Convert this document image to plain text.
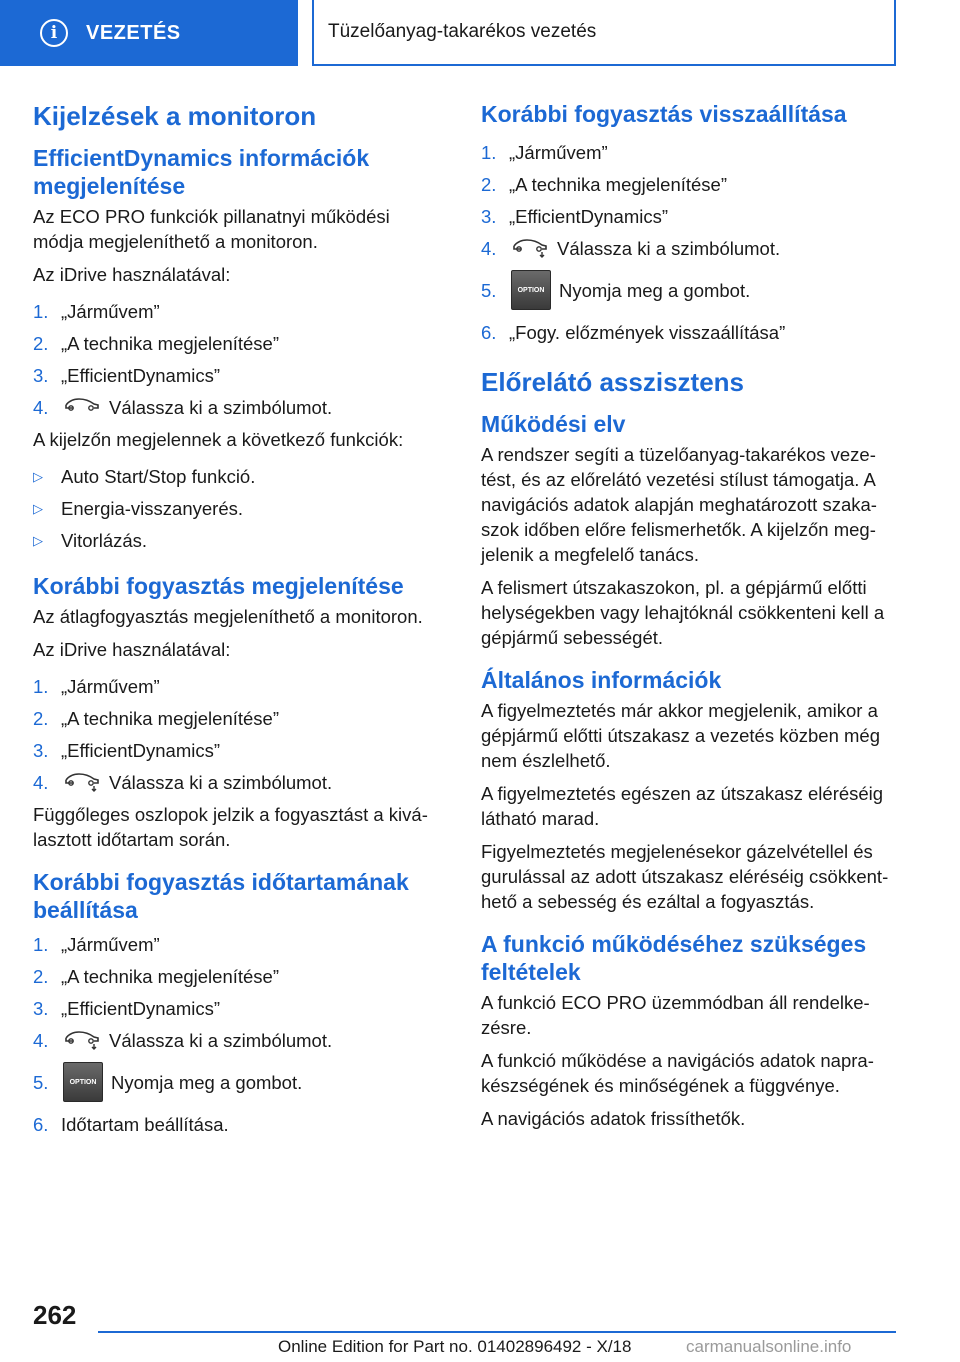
i	VEZETÉS	Tüzelőanyag-takarékos vezetés
Kijelzések a monitoron
EfficientDynamics információk megjelenítése

Az ECO PRO funkciók pillanatnyi működési módja megjeleníthető a monitoron.

Az iDrive használatával:

1. „Járművem”
2. „A technika megjelenítése”
3. „EfficientDynamics”
4.	Válassza ki a szimbólumot.

A kijelzőn megjelennek a következő funkciók:

▷ Auto Start/Stop funkció.
▷ Energia-visszanyerés.
▷ Vitorlázás.
Korábbi fogyasztás megjelenítése

Az átlagfogyasztás megjeleníthető a monitoron.

Az iDrive használatával:

1. „Járművem”
2. „A technika megjelenítése”
3. „EfficientDynamics”
4.	Válassza ki a szimbólumot.

Függőleges oszlopok jelzik a fogyasztást a kiválasztott időtartam során.

Korábbi fogyasztás időtartamának beállítása
1. „Járművem”
2. „A technika megjelenítése”
3. „EfficientDynamics”
4.	Válassza ki a szimbólumot.
5.	OPTION Nyomja meg a gombot.
6. Időtartam beállítása.
Korábbi fogyasztás visszaállítása
1. „Járművem”
2. „A technika megjelenítése”
3. „EfficientDynamics”
4.	Válassza ki a szimbólumot.
5.	OPTION Nyomja meg a gombot.
6. „Fogy. előzmények visszaállítása”
Előrelátó asszisztens
Működési elv

A rendszer segíti a tüzelőanyag-takarékos vezetést, és az előrelátó vezetési stílust támogatja. A navigációs adatok alapján meghatározott szakaszok időben előre felismerhetők. A kijelzőn megjelenik a megfelelő tanács.

A felismert útszakaszokon, pl. a gépjármű előtti helységekben vagy lehajtóknál csökkenteni kell a gépjármű sebességét.

Általános információk

A figyelmeztetés már akkor megjelenik, amikor a gépjármű előtti útszakasz a vezetés közben még nem észlelhető.

A figyelmeztetés egészen az útszakasz eléréséig látható marad.

Figyelmeztetés megjelenésekor gázelvétellel és gurulással az adott útszakasz eléréséig csökkenthető a sebesség és ezáltal a fogyasztás.

A funkció működéséhez szükséges feltételek

A funkció ECO PRO üzemmódban áll rendelkezésre.

A funkció működése a navigációs adatok naprakészségének és minőségének a függvénye.

A navigációs adatok frissíthetők.

262
Online Edition for Part no. 01402896492 - X/18	carmanualsonline.info
